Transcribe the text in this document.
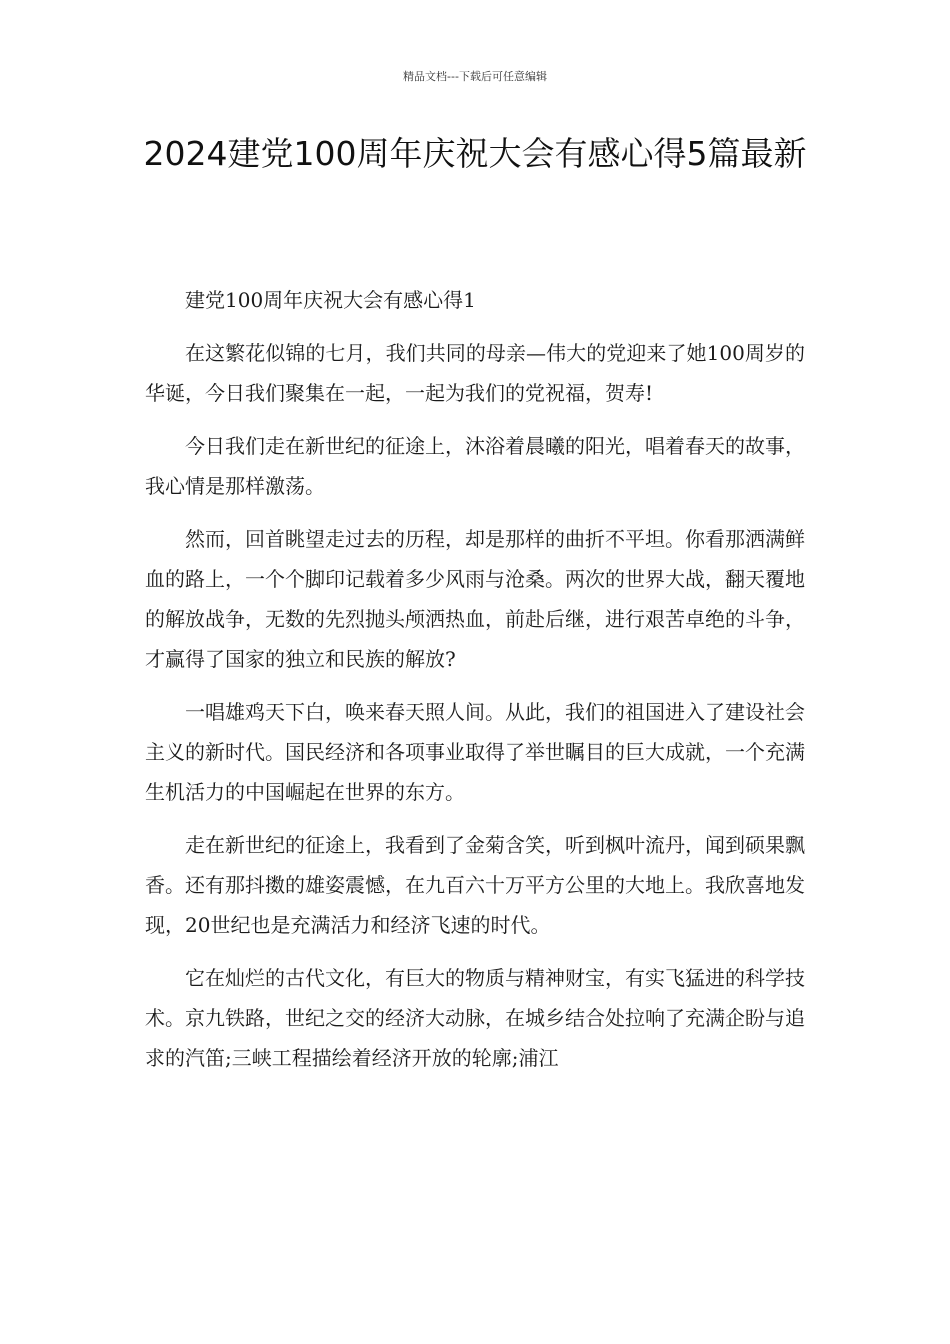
精品文档---下载后可任意编辑
2024建党100周年庆祝大会有感心得5篇最新

建党100周年庆祝大会有感心得1

在这繁花似锦的七月，我们共同的母亲—伟大的党迎来了她100周岁的华诞，今日我们聚集在一起，一起为我们的党祝福，贺寿!

今日我们走在新世纪的征途上，沐浴着晨曦的阳光，唱着春天的故事，我心情是那样激荡。

然而，回首眺望走过去的历程，却是那样的曲折不平坦。你看那洒满鲜血的路上，一个个脚印记载着多少风雨与沧桑。两次的世界大战，翻天覆地的解放战争，无数的先烈抛头颅洒热血，前赴后继，进行艰苦卓绝的斗争，才赢得了国家的独立和民族的解放?

一唱雄鸡天下白，唤来春天照人间。从此，我们的祖国进入了建设社会主义的新时代。国民经济和各项事业取得了举世瞩目的巨大成就，一个充满生机活力的中国崛起在世界的东方。

走在新世纪的征途上，我看到了金菊含笑，听到枫叶流丹，闻到硕果飘香。还有那抖擞的雄姿震憾，在九百六十万平方公里的大地上。我欣喜地发现，20世纪也是充满活力和经济飞速的时代。

它在灿烂的古代文化，有巨大的物质与精神财宝，有实飞猛进的科学技术。京九铁路，世纪之交的经济大动脉，在城乡结合处拉响了充满企盼与追求的汽笛;三峡工程描绘着经济开放的轮廓;浦江
